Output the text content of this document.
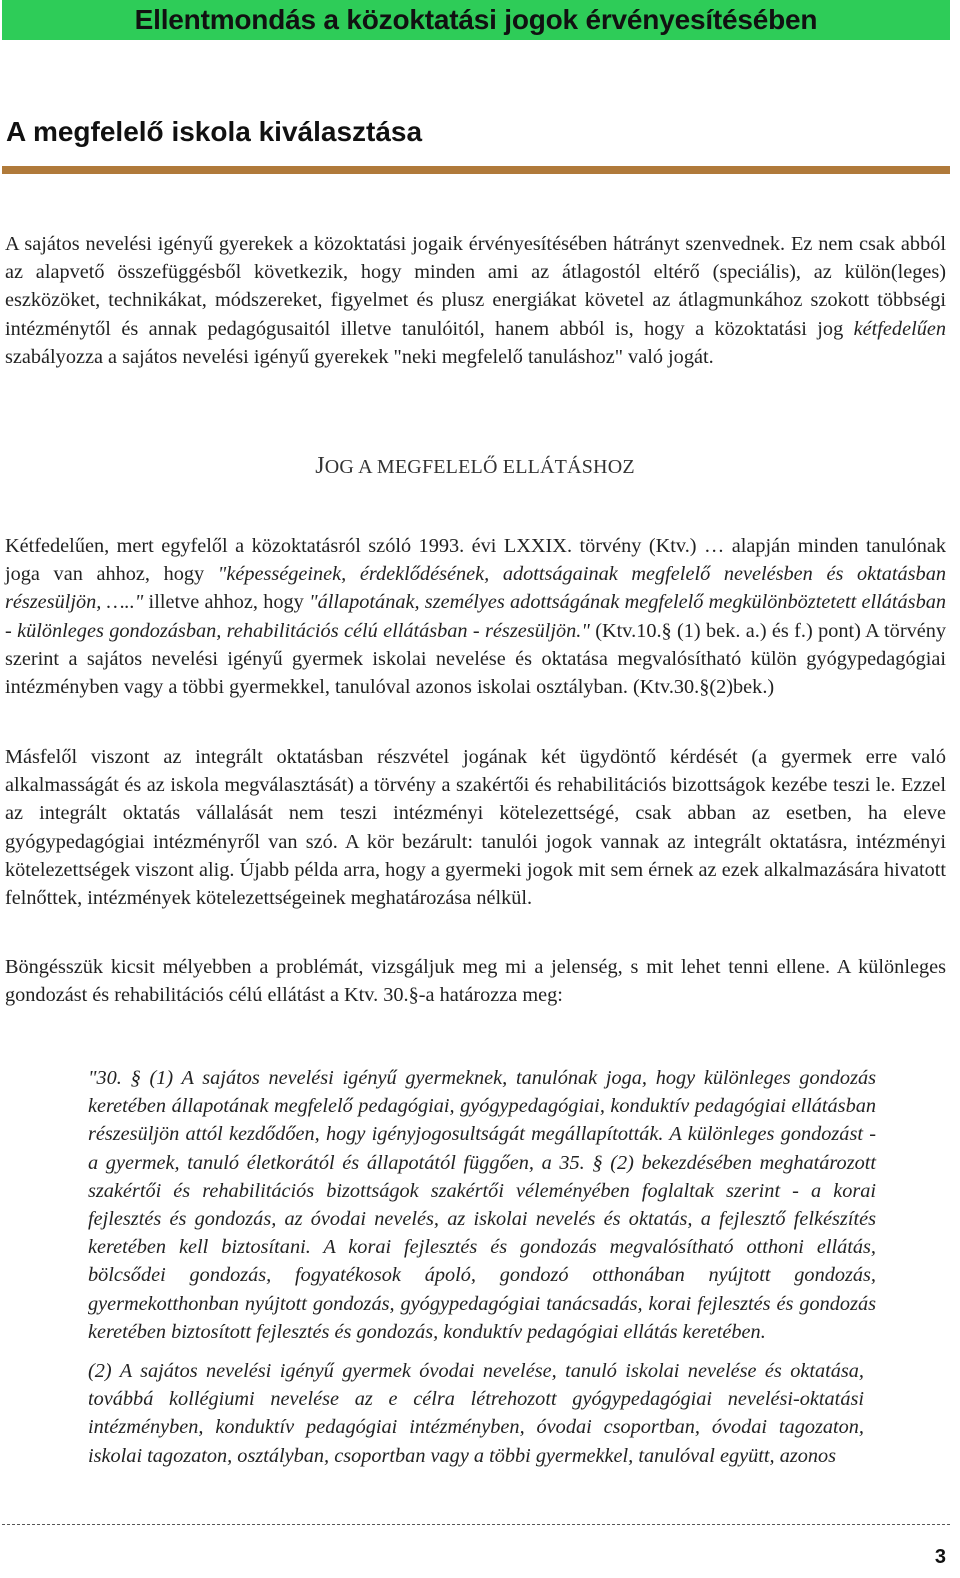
Ellentmondás a közoktatási jogok érvényesítésében
A megfelelő iskola kiválasztása

A sajátos nevelési igényű gyerekek a közoktatási jogaik érvényesítésében hátrányt szenvednek. Ez nem csak abból az alapvető összefüggésből következik, hogy minden ami az átlagostól eltérő (speciális), az külön(leges) eszközöket, technikákat, módszereket, figyelmet és plusz energiákat követel az átlagmunkához szokott többségi intézménytől és annak pedagógusaitól illetve tanulóitól, hanem abból is, hogy a közoktatási jog kétfedelűen szabályozza a sajátos nevelési igényű gyerekek "neki megfelelő tanuláshoz" való jogát.

JOG A MEGFELELŐ ELLÁTÁSHOZ

Kétfedelűen, mert egyfelől a közoktatásról szóló 1993. évi LXXIX. törvény (Ktv.) … alapján minden tanulónak joga van ahhoz, hogy "képességeinek, érdeklődésének, adottságainak megfelelő nevelésben és oktatásban részesüljön, ….." illetve ahhoz, hogy "állapotának, személyes adottságának megfelelő megkülönböztetett ellátásban - különleges gondozásban, rehabilitációs célú ellátásban - részesüljön." (Ktv.10.§ (1) bek. a.) és f.) pont) A törvény szerint a sajátos nevelési igényű gyermek iskolai nevelése és oktatása megvalósítható külön gyógypedagógiai intézményben vagy a többi gyermekkel, tanulóval azonos iskolai osztályban. (Ktv.30.§(2)bek.)

Másfelől viszont az integrált oktatásban részvétel jogának két ügydöntő kérdését (a gyermek erre való alkalmasságát és az iskola megválasztását) a törvény a szakértői és rehabilitációs bizottságok kezébe teszi le. Ezzel az integrált oktatás vállalását nem teszi intézményi kötelezettségé, csak abban az esetben, ha eleve gyógypedagógiai intézményről van szó. A kör bezárult: tanulói jogok vannak az integrált oktatásra, intézményi kötelezettségek viszont alig. Újabb példa arra, hogy a gyermeki jogok mit sem érnek az ezek alkalmazására hivatott felnőttek, intézmények kötelezettségeinek meghatározása nélkül.

Böngésszük kicsit mélyebben a problémát, vizsgáljuk meg mi a jelenség, s mit lehet tenni ellene. A különleges gondozást és rehabilitációs célú ellátást a Ktv. 30.§-a határozza meg:

"30. § (1) A sajátos nevelési igényű gyermeknek, tanulónak joga, hogy különleges gondozás keretében állapotának megfelelő pedagógiai, gyógypedagógiai, konduktív pedagógiai ellátásban részesüljön attól kezdődően, hogy igényjogosultságát megállapították. A különleges gondozást - a gyermek, tanuló életkorától és állapotától függően, a 35. § (2) bekezdésében meghatározott szakértői és rehabilitációs bizottságok szakértői véleményében foglaltak szerint - a korai fejlesztés és gondozás, az óvodai nevelés, az iskolai nevelés és oktatás, a fejlesztő felkészítés keretében kell biztosítani. A korai fejlesztés és gondozás megvalósítható otthoni ellátás, bölcsődei gondozás, fogyatékosok ápoló, gondozó otthonában nyújtott gondozás, gyermekotthonban nyújtott gondozás, gyógypedagógiai tanácsadás, korai fejlesztés és gondozás keretében biztosított fejlesztés és gondozás, konduktív pedagógiai ellátás keretében.

(2) A sajátos nevelési igényű gyermek óvodai nevelése, tanuló iskolai nevelése és oktatása, továbbá kollégiumi nevelése az e célra létrehozott gyógypedagógiai nevelési-oktatási intézményben, konduktív pedagógiai intézményben, óvodai csoportban, óvodai tagozaton, iskolai tagozaton, osztályban, csoportban vagy a többi gyermekkel, tanulóval együtt, azonos

3
